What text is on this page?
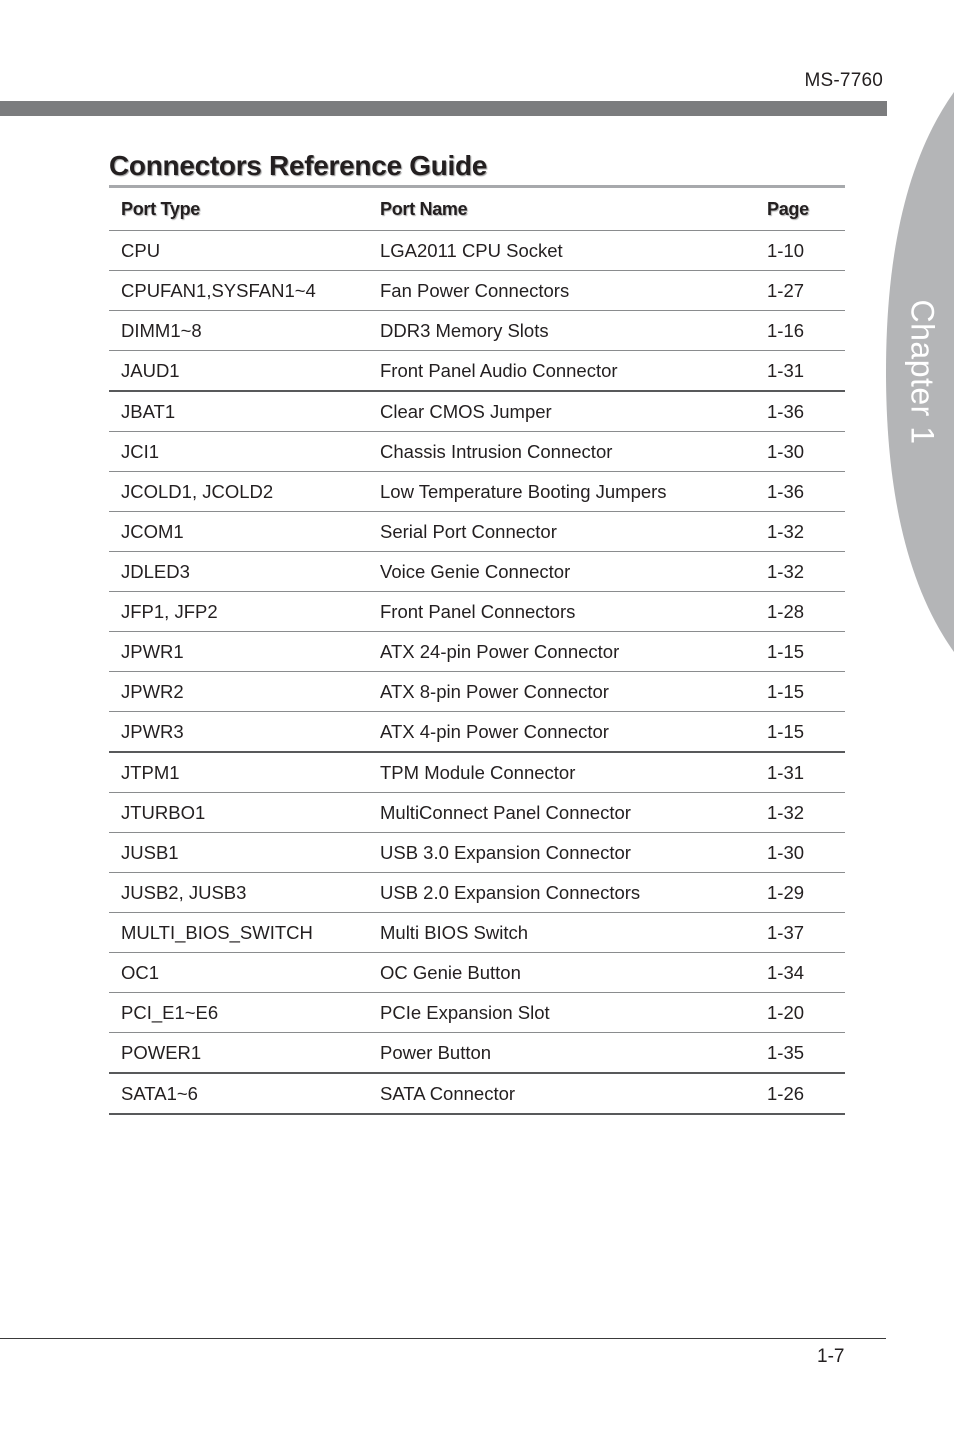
MS-7760
Chapter 1
Connectors Reference Guide
Port Type	Port Name	Page
CPU	LGA2011 CPU Socket	1-10
CPUFAN1,SYSFAN1~4	Fan Power Connectors	1-27
DIMM1~8	DDR3 Memory Slots	1-16
JAUD1	Front Panel Audio Connector	1-31
JBAT1	Clear CMOS Jumper	1-36
JCI1	Chassis Intrusion Connector	1-30
JCOLD1, JCOLD2	Low Temperature Booting Jumpers	1-36
JCOM1	Serial Port Connector	1-32
JDLED3	Voice Genie Connector	1-32
JFP1, JFP2	Front Panel Connectors	1-28
JPWR1	ATX 24-pin Power Connector	1-15
JPWR2	ATX 8-pin Power Connector	1-15
JPWR3	ATX 4-pin Power Connector	1-15
JTPM1	TPM Module Connector	1-31
JTURBO1	MultiConnect Panel Connector	1-32
JUSB1	USB 3.0 Expansion Connector	1-30
JUSB2, JUSB3	USB 2.0 Expansion Connectors	1-29
MULTI_BIOS_SWITCH	Multi BIOS Switch	1-37
OC1	OC Genie Button	1-34
PCI_E1~E6	PCIe Expansion Slot	1-20
POWER1	Power Button	1-35
SATA1~6	SATA Connector	1-26
1-7
